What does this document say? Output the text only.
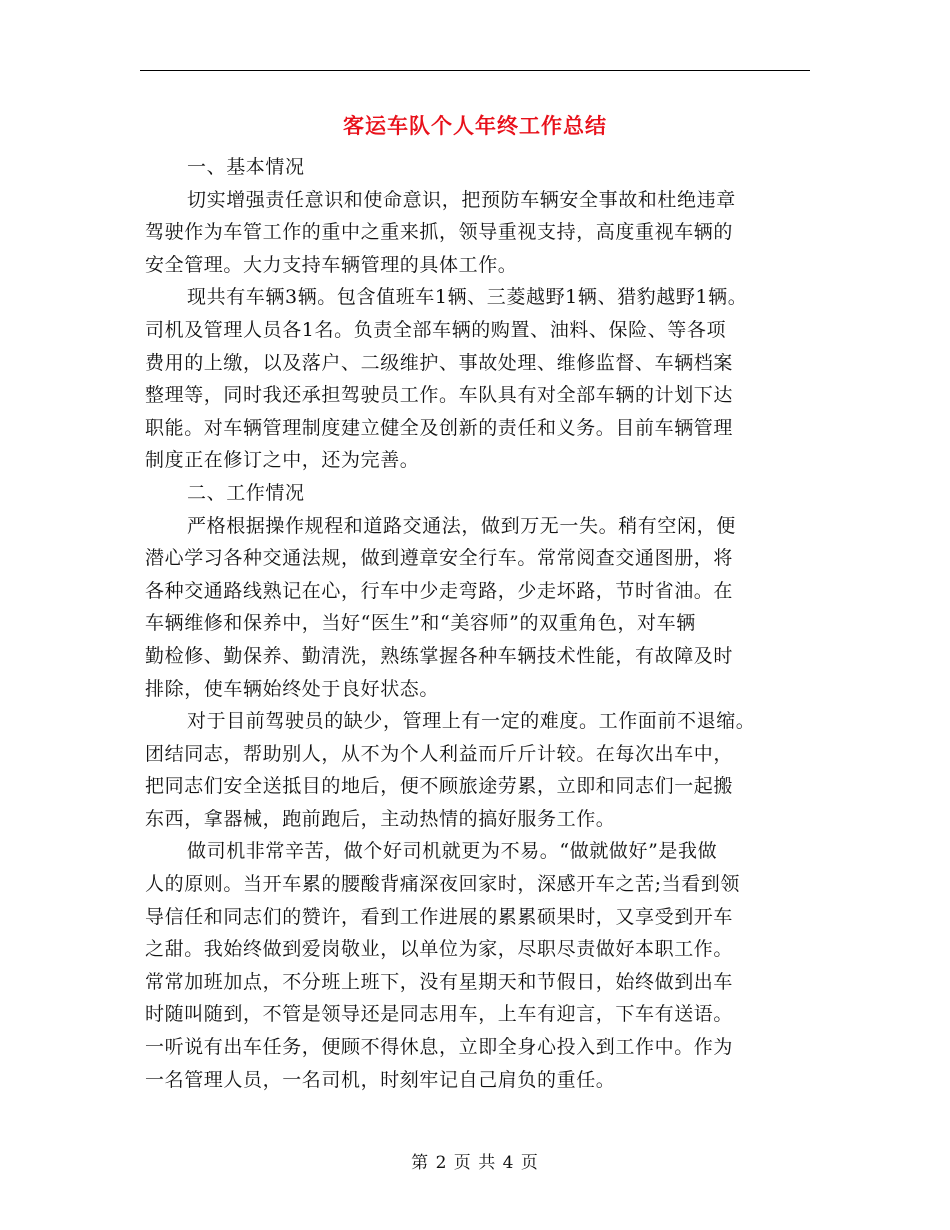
客运车队个人年终工作总结
一、基本情况
切实增强责任意识和使命意识，把预防车辆安全事故和杜绝违章
驾驶作为车管工作的重中之重来抓，领导重视支持，高度重视车辆的
安全管理。大力支持车辆管理的具体工作。
现共有车辆3辆。包含值班车1辆、三菱越野1辆、猎豹越野1辆。
司机及管理人员各1名。负责全部车辆的购置、油料、保险、等各项
费用的上缴，以及落户、二级维护、事故处理、维修监督、车辆档案
整理等，同时我还承担驾驶员工作。车队具有对全部车辆的计划下达
职能。对车辆管理制度建立健全及创新的责任和义务。目前车辆管理
制度正在修订之中，还为完善。
二、工作情况
严格根据操作规程和道路交通法，做到万无一失。稍有空闲，便
潜心学习各种交通法规，做到遵章安全行车。常常阅查交通图册，将
各种交通路线熟记在心，行车中少走弯路，少走坏路，节时省油。在
车辆维修和保养中，当好“医生”和“美容师”的双重角色，对车辆
勤检修、勤保养、勤清洗，熟练掌握各种车辆技术性能，有故障及时
排除，使车辆始终处于良好状态。
对于目前驾驶员的缺少，管理上有一定的难度。工作面前不退缩。
团结同志，帮助别人，从不为个人利益而斤斤计较。在每次出车中，
把同志们安全送抵目的地后，便不顾旅途劳累，立即和同志们一起搬
东西，拿器械，跑前跑后，主动热情的搞好服务工作。
做司机非常辛苦，做个好司机就更为不易。“做就做好”是我做
人的原则。当开车累的腰酸背痛深夜回家时，深感开车之苦;当看到领
导信任和同志们的赞许，看到工作进展的累累硕果时，又享受到开车
之甜。我始终做到爱岗敬业，以单位为家，尽职尽责做好本职工作。
常常加班加点，不分班上班下，没有星期天和节假日，始终做到出车
时随叫随到，不管是领导还是同志用车，上车有迎言，下车有送语。
一听说有出车任务，便顾不得休息，立即全身心投入到工作中。作为
一名管理人员，一名司机，时刻牢记自己肩负的重任。
第 2 页 共 4 页
